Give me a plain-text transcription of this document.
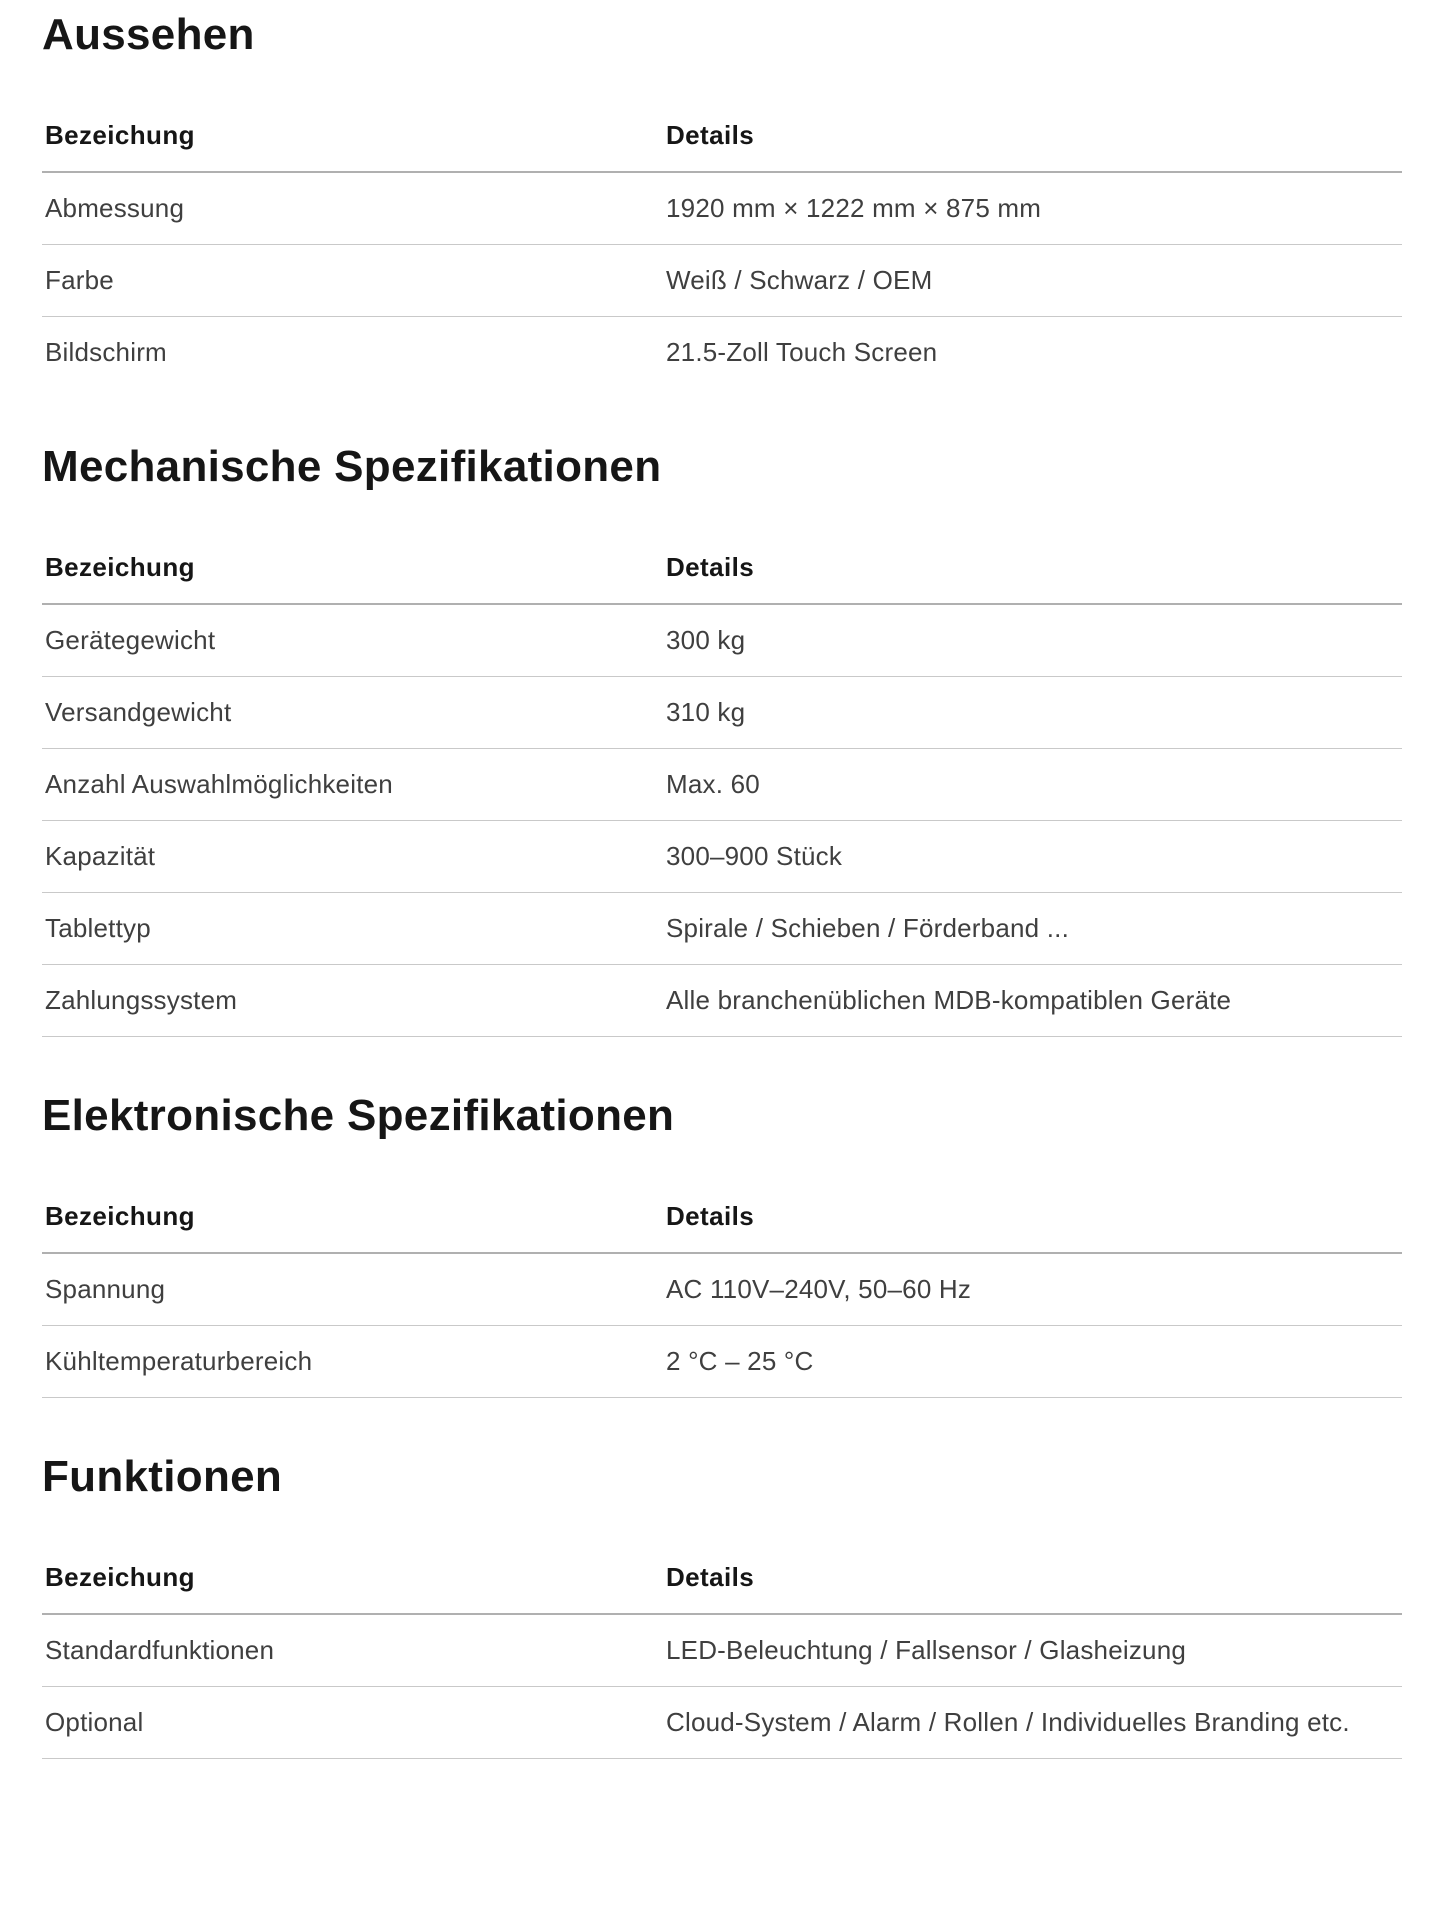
Aussehen
Bezeichung	Details
Abmessung	1920 mm × 1222 mm × 875 mm
Farbe	Weiß / Schwarz / OEM
Bildschirm	21.5-Zoll Touch Screen
Mechanische Spezifikationen
Bezeichung	Details
Gerätegewicht	300 kg
Versandgewicht	310 kg
Anzahl Auswahlmöglichkeiten	Max. 60
Kapazität	300–900 Stück
Tablettyp	Spirale / Schieben / Förderband ...
Zahlungssystem	Alle branchenüblichen MDB-kompatiblen Geräte
Elektronische Spezifikationen
Bezeichung	Details
Spannung	AC 110V–240V, 50–60 Hz
Kühltemperaturbereich	2 °C – 25 °C
Funktionen
Bezeichung	Details
Standardfunktionen	LED-Beleuchtung / Fallsensor / Glasheizung
Optional	Cloud-System / Alarm / Rollen / Individuelles Branding etc.
